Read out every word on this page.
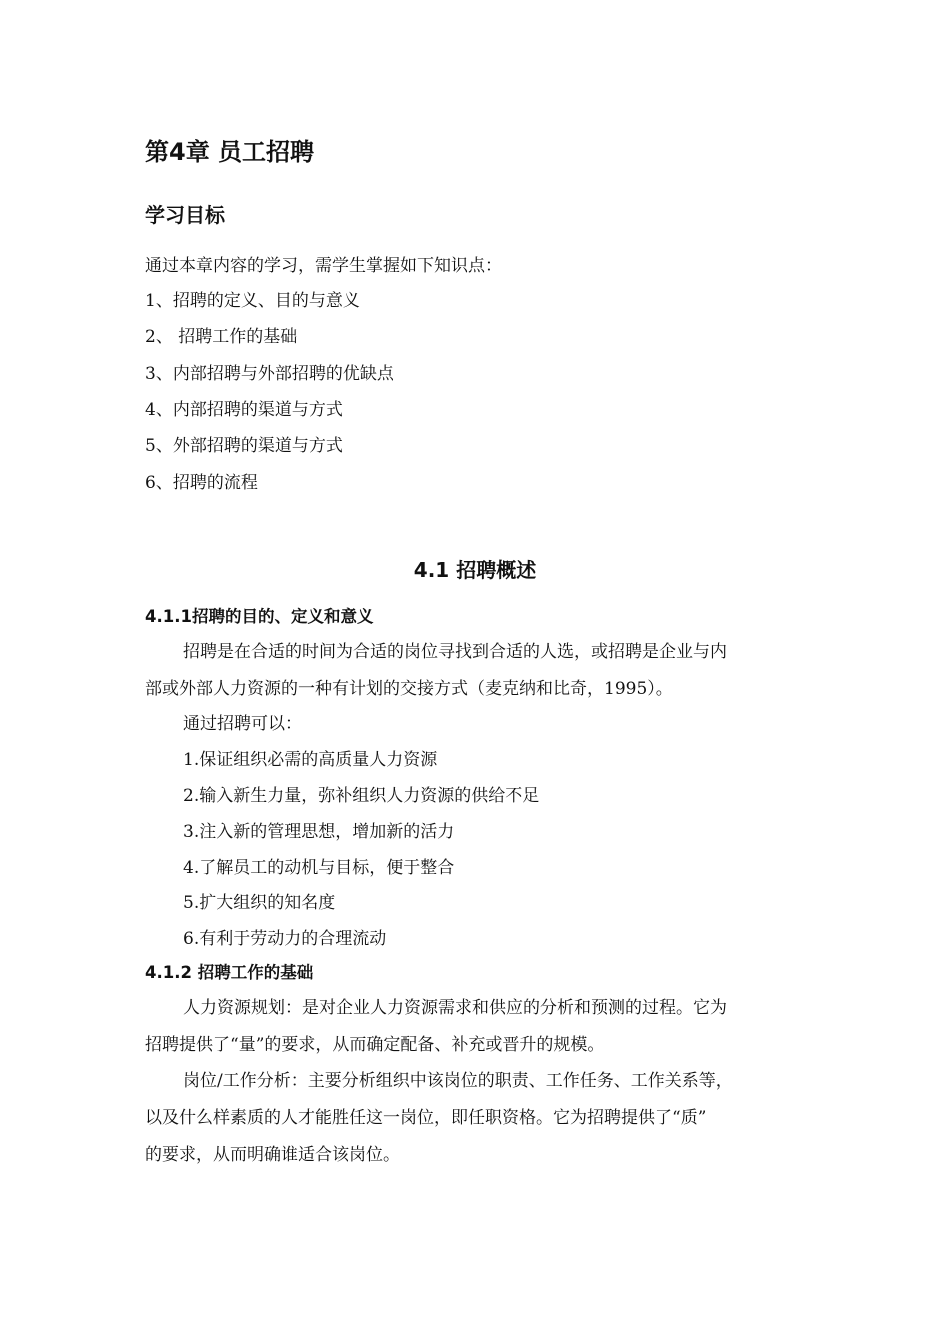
第4章 员工招聘
学习目标
通过本章内容的学习，需学生掌握如下知识点：
1、招聘的定义、目的与意义
2、 招聘工作的基础
3、内部招聘与外部招聘的优缺点
4、内部招聘的渠道与方式
5、外部招聘的渠道与方式
6、招聘的流程
4.1 招聘概述
4.1.1招聘的目的、定义和意义
招聘是在合适的时间为合适的岗位寻找到合适的人选，或招聘是企业与内
部或外部人力资源的一种有计划的交接方式（麦克纳和比奇，1995）。
通过招聘可以：
1.保证组织必需的高质量人力资源
2.输入新生力量，弥补组织人力资源的供给不足
3.注入新的管理思想，增加新的活力
4.了解员工的动机与目标，便于整合
5.扩大组织的知名度
6.有利于劳动力的合理流动
4.1.2 招聘工作的基础
人力资源规划：是对企业人力资源需求和供应的分析和预测的过程。它为
招聘提供了“量”的要求，从而确定配备、补充或晋升的规模。
岗位/工作分析：主要分析组织中该岗位的职责、工作任务、工作关系等，
以及什么样素质的人才能胜任这一岗位，即任职资格。它为招聘提供了“质”
的要求，从而明确谁适合该岗位。
